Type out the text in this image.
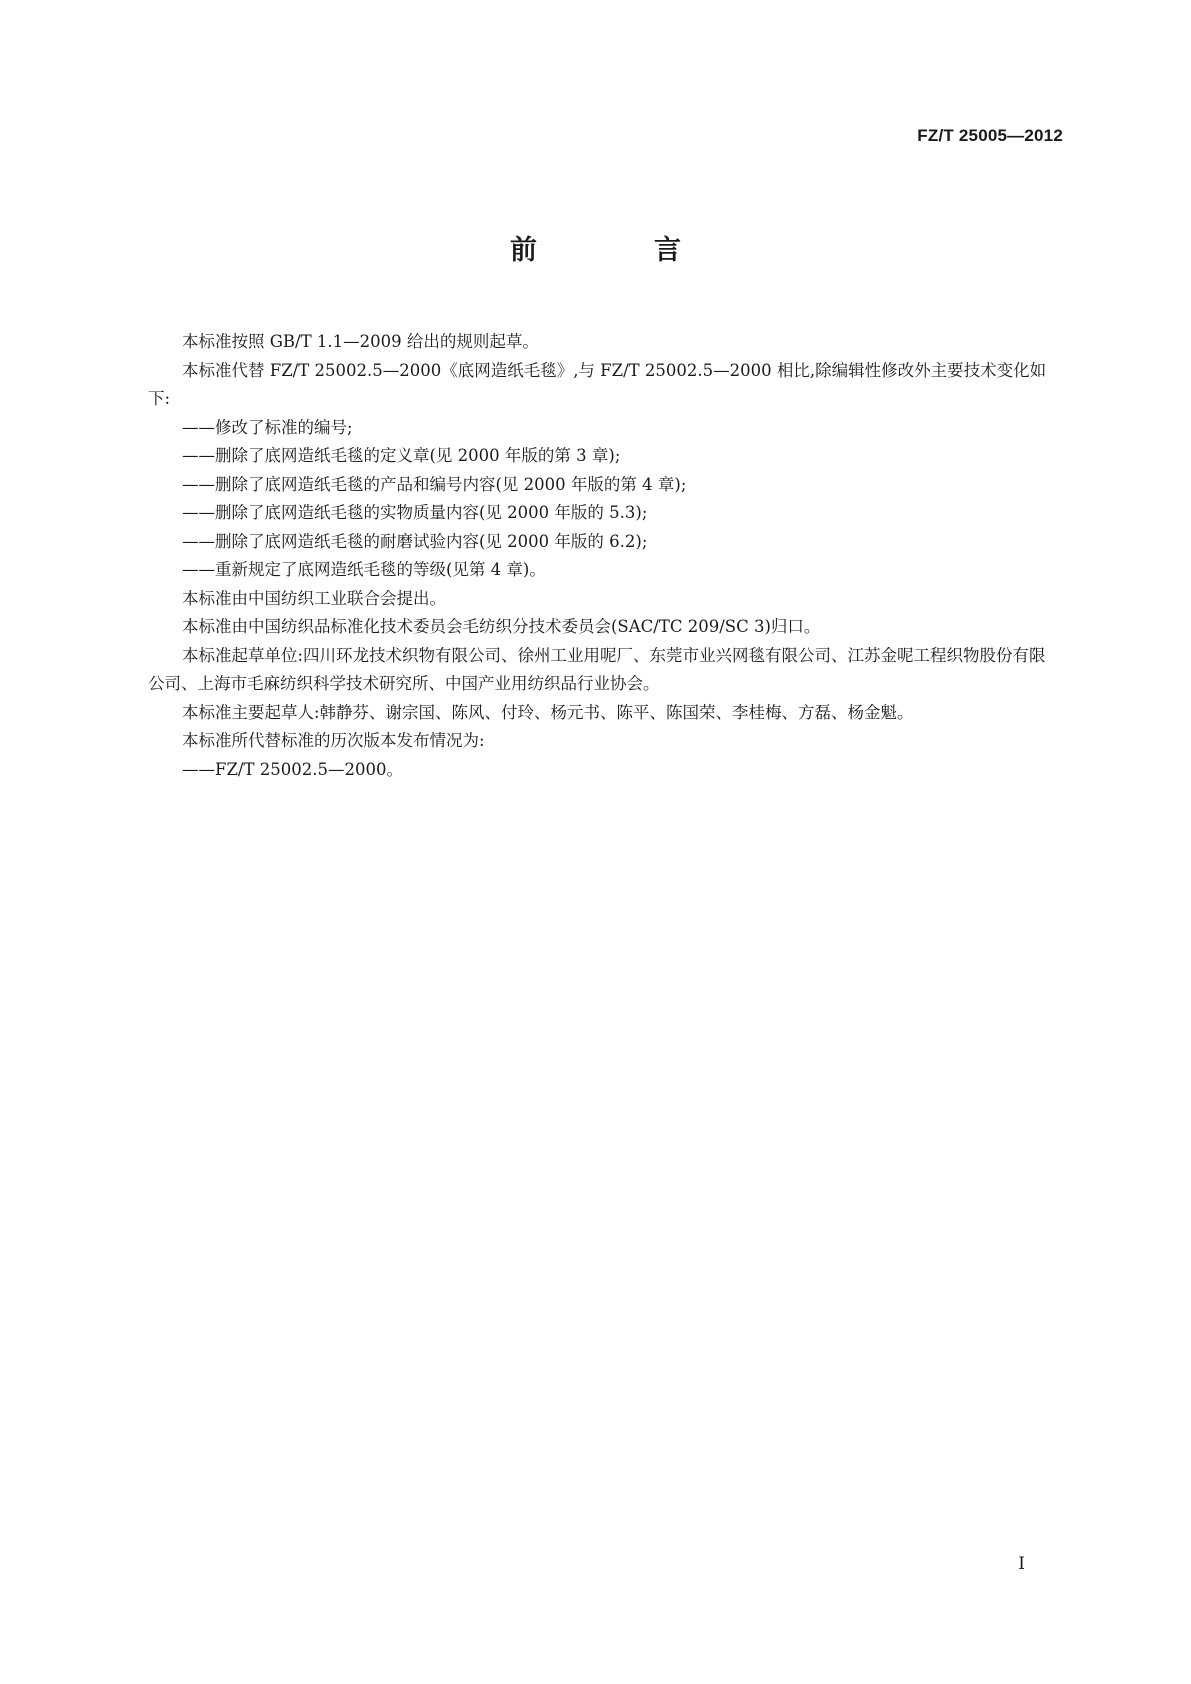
FZ/T 25005—2012
前　言

本标准按照 GB/T 1.1—2009 给出的规则起草。

本标准代替 FZ/T 25002.5—2000《底网造纸毛毯》,与 FZ/T 25002.5—2000 相比,除编辑性修改外主要技术变化如下:

——修改了标准的编号;

——删除了底网造纸毛毯的定义章(见 2000 年版的第 3 章);

——删除了底网造纸毛毯的产品和编号内容(见 2000 年版的第 4 章);

——删除了底网造纸毛毯的实物质量内容(见 2000 年版的 5.3);

——删除了底网造纸毛毯的耐磨试验内容(见 2000 年版的 6.2);

——重新规定了底网造纸毛毯的等级(见第 4 章)。

本标准由中国纺织工业联合会提出。

本标准由中国纺织品标准化技术委员会毛纺织分技术委员会(SAC/TC 209/SC 3)归口。

本标准起草单位:四川环龙技术织物有限公司、徐州工业用呢厂、东莞市业兴网毯有限公司、江苏金呢工程织物股份有限公司、上海市毛麻纺织科学技术研究所、中国产业用纺织品行业协会。

本标准主要起草人:韩静芬、谢宗国、陈风、付玲、杨元书、陈平、陈国荣、李桂梅、方磊、杨金魁。

本标准所代替标准的历次版本发布情况为:

——FZ/T 25002.5—2000。

I
